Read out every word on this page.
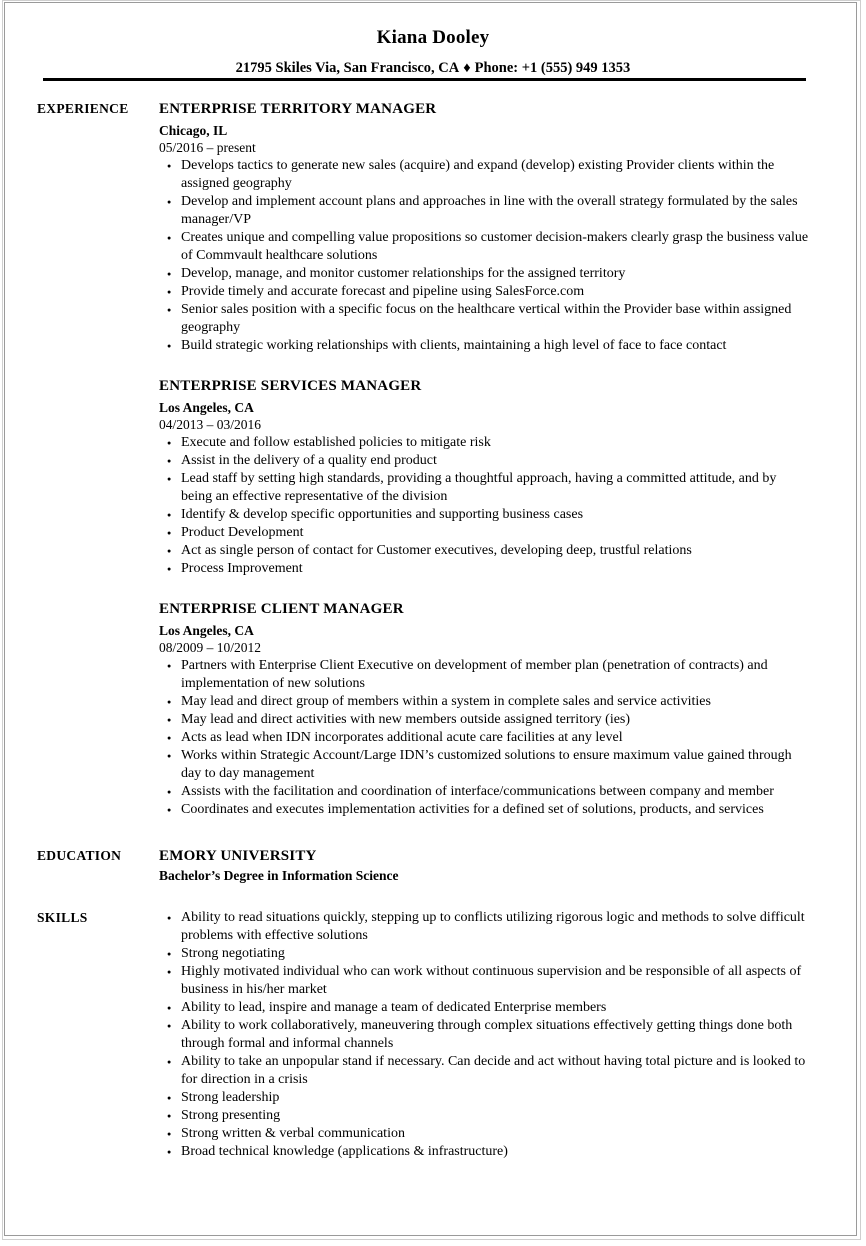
Kiana Dooley
21795 Skiles Via, San Francisco, CA ♦ Phone: +1 (555) 949 1353
EXPERIENCE	ENTERPRISE TERRITORY MANAGER
Chicago, IL
05/2016 – present
● Develops tactics to generate new sales (acquire) and expand (develop) existing Provider clients within the assigned geography
● Develop and implement account plans and approaches in line with the overall strategy formulated by the sales manager/VP
● Creates unique and compelling value propositions so customer decision-makers clearly grasp the business value of Commvault healthcare solutions
● Develop, manage, and monitor customer relationships for the assigned territory
● Provide timely and accurate forecast and pipeline using SalesForce.com
● Senior sales position with a specific focus on the healthcare vertical within the Provider base within assigned geography
● Build strategic working relationships with clients, maintaining a high level of face to face contact
ENTERPRISE SERVICES MANAGER
Los Angeles, CA
04/2013 – 03/2016
● Execute and follow established policies to mitigate risk
● Assist in the delivery of a quality end product
● Lead staff by setting high standards, providing a thoughtful approach, having a committed attitude, and by being an effective representative of the division
● Identify & develop specific opportunities and supporting business cases
● Product Development
● Act as single person of contact for Customer executives, developing deep, trustful relations
● Process Improvement
ENTERPRISE CLIENT MANAGER
Los Angeles, CA
08/2009 – 10/2012
● Partners with Enterprise Client Executive on development of member plan (penetration of contracts) and implementation of new solutions
● May lead and direct group of members within a system in complete sales and service activities
● May lead and direct activities with new members outside assigned territory (ies)
● Acts as lead when IDN incorporates additional acute care facilities at any level
● Works within Strategic Account/Large IDN’s customized solutions to ensure maximum value gained through day to day management
● Assists with the facilitation and coordination of interface/communications between company and member
● Coordinates and executes implementation activities for a defined set of solutions, products, and services
EDUCATION	EMORY UNIVERSITY
Bachelor’s Degree in Information Science
SKILLS	● Ability to read situations quickly, stepping up to conflicts utilizing rigorous logic and methods to solve difficult problems with effective solutions
● Strong negotiating
● Highly motivated individual who can work without continuous supervision and be responsible of all aspects of business in his/her market
● Ability to lead, inspire and manage a team of dedicated Enterprise members
● Ability to work collaboratively, maneuvering through complex situations effectively getting things done both through formal and informal channels
● Ability to take an unpopular stand if necessary. Can decide and act without having total picture and is looked to for direction in a crisis
● Strong leadership
● Strong presenting
● Strong written & verbal communication
● Broad technical knowledge (applications & infrastructure)
